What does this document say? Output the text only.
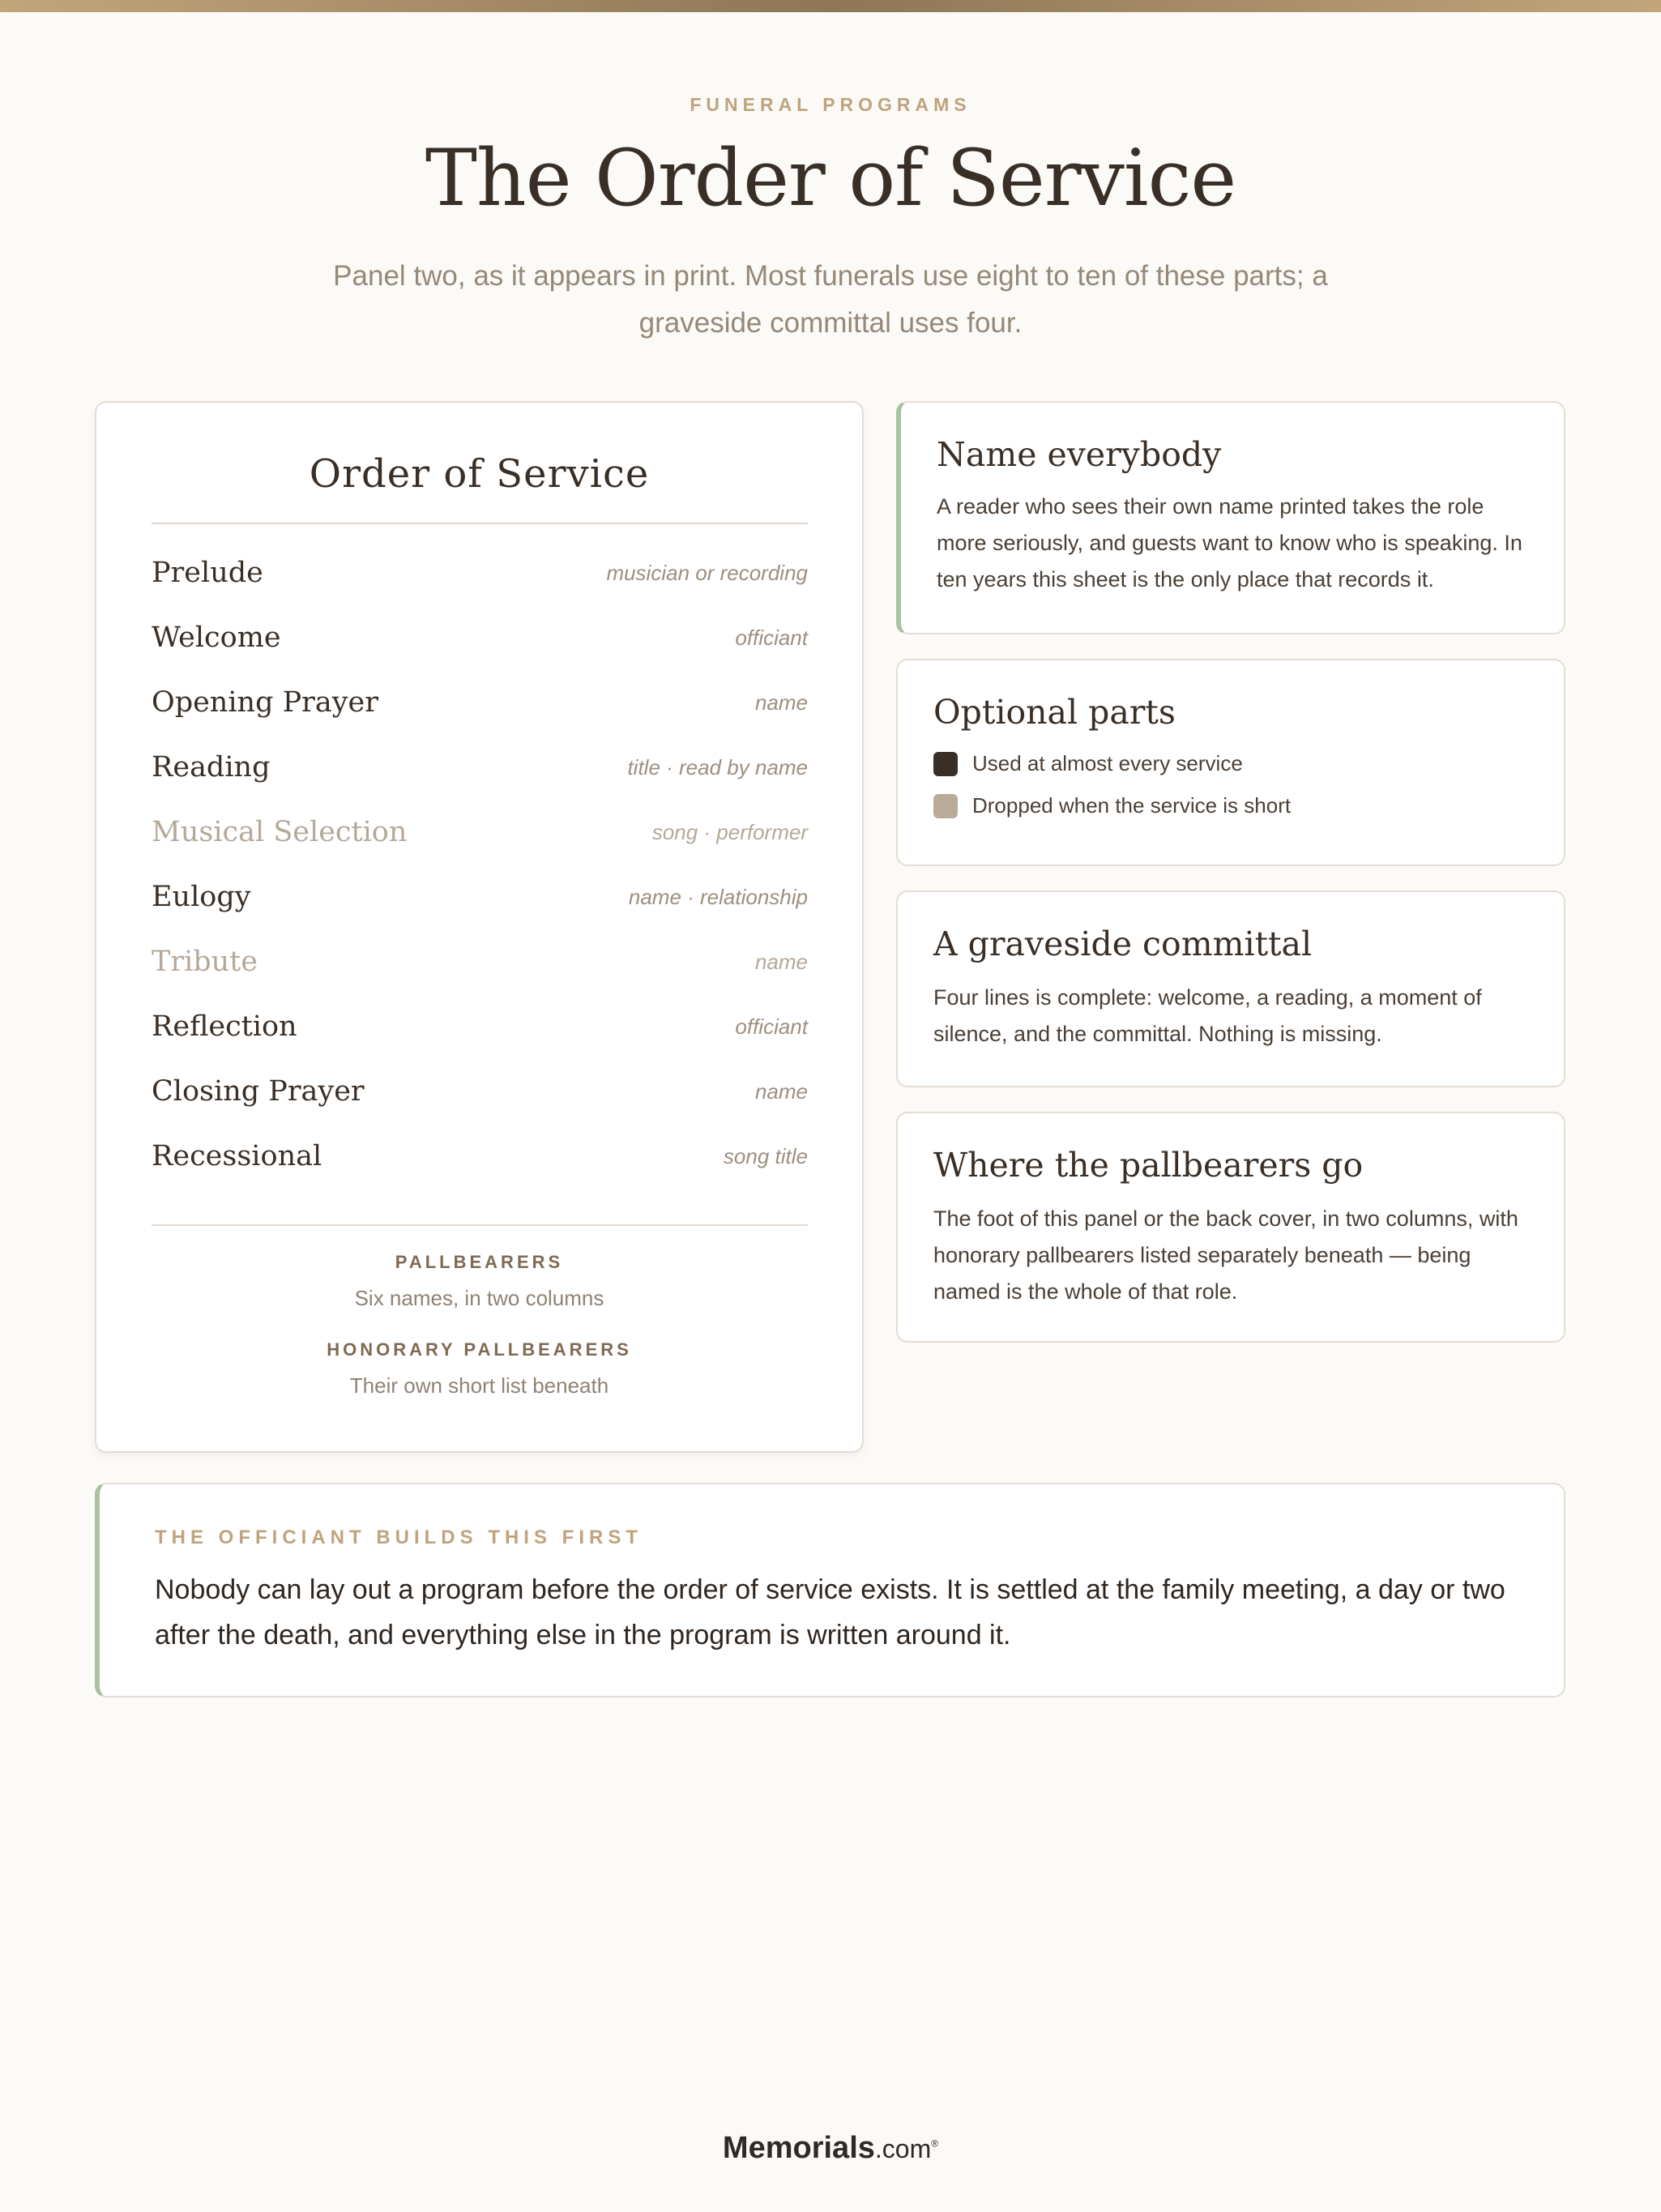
FUNERAL PROGRAMS
The Order of Service
Panel two, as it appears in print. Most funerals use eight to ten of these parts; a graveside committal uses four.
Order of Service
Prelude	musician or recording
Welcome	officiant
Opening Prayer	name
Reading	title · read by name
Musical Selection	song · performer
Eulogy	name · relationship
Tribute	name
Reflection	officiant
Closing Prayer	name
Recessional	song title
PALLBEARERS
Six names, in two columns
HONORARY PALLBEARERS
Their own short list beneath
Name everybody
A reader who sees their own name printed takes the role more seriously, and guests want to know who is speaking. In ten years this sheet is the only place that records it.
Optional parts
Used at almost every service
Dropped when the service is short
A graveside committal
Four lines is complete: welcome, a reading, a moment of silence, and the committal. Nothing is missing.
Where the pallbearers go
The foot of this panel or the back cover, in two columns, with honorary pallbearers listed separately beneath — being named is the whole of that role.
THE OFFICIANT BUILDS THIS FIRST
Nobody can lay out a program before the order of service exists. It is settled at the family meeting, a day or two after the death, and everything else in the program is written around it.
Memorials.com®
